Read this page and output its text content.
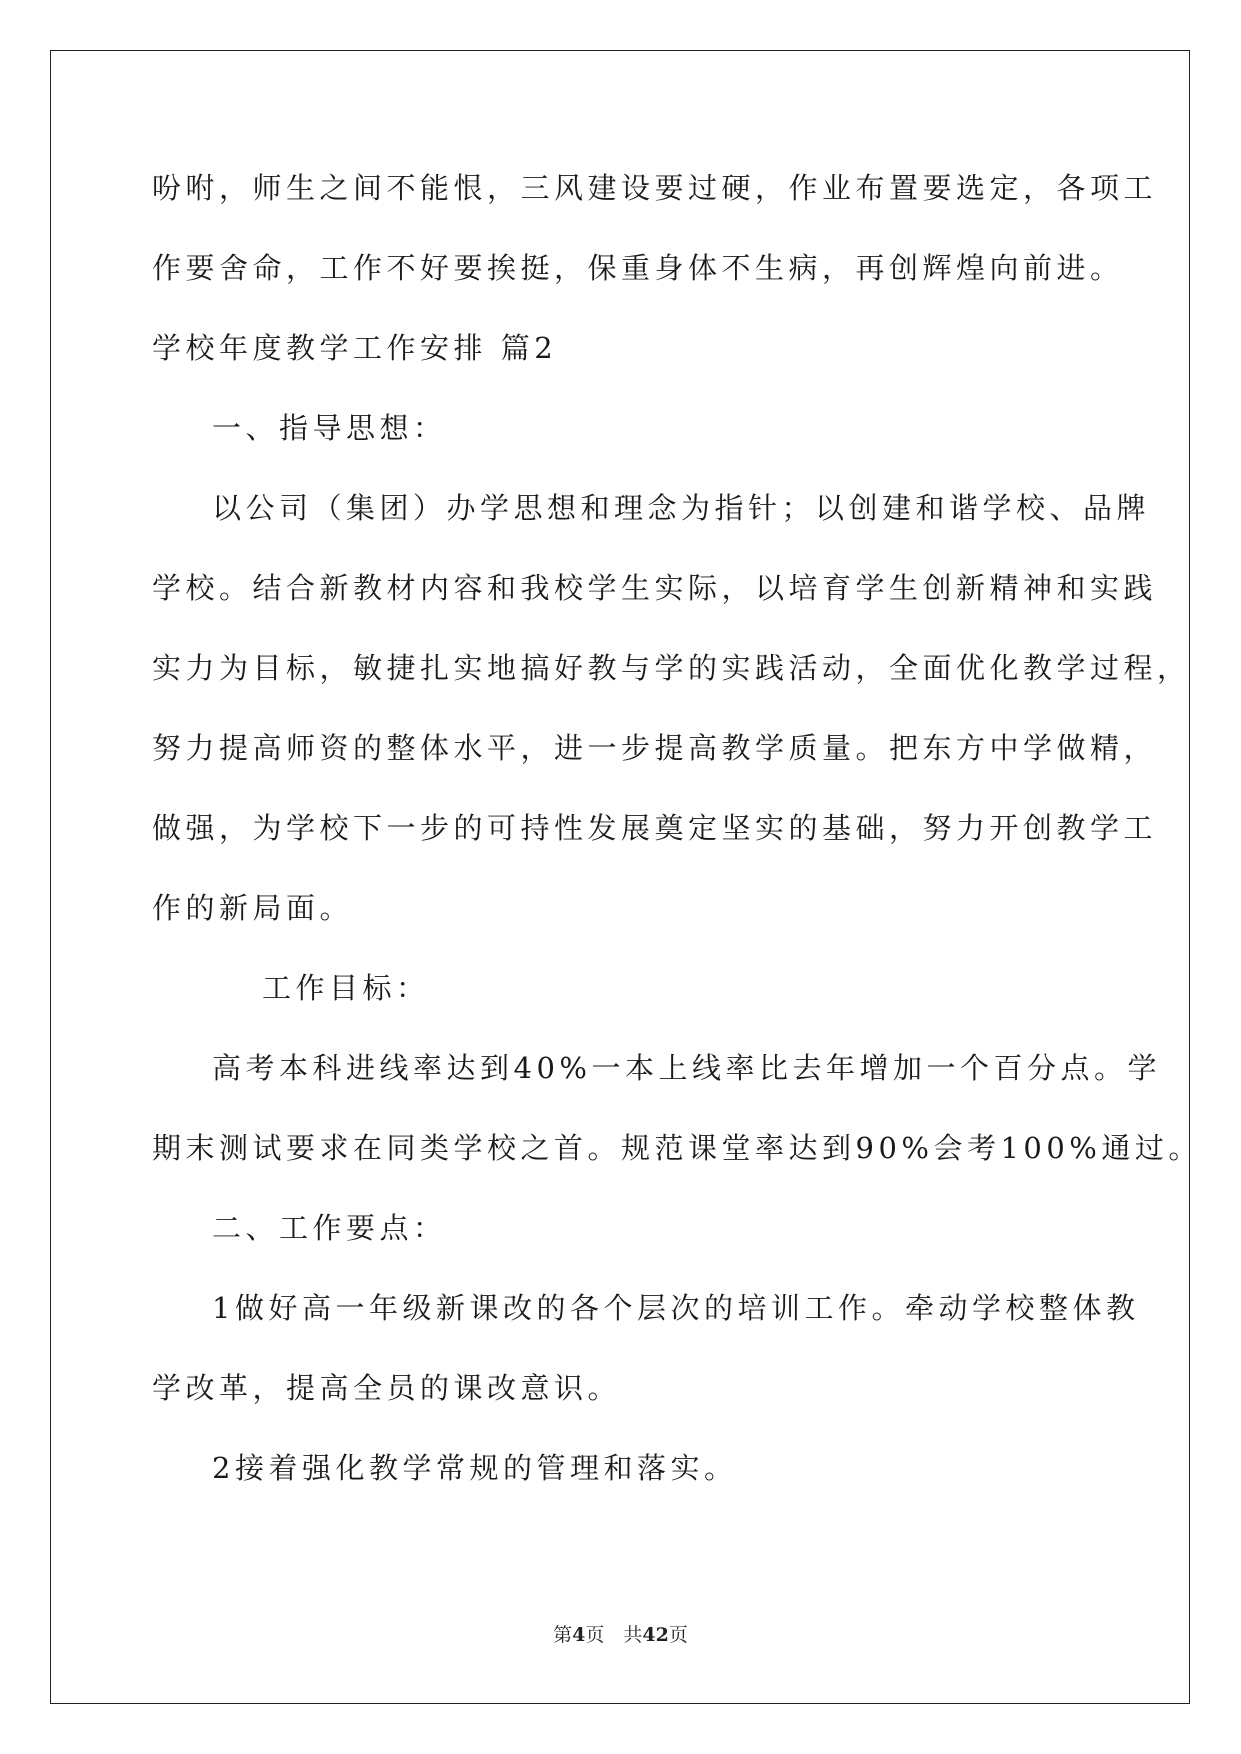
吩咐，师生之间不能恨，三风建设要过硬，作业布置要选定，各项工
作要舍命，工作不好要挨挺，保重身体不生病，再创辉煌向前进。
学校年度教学工作安排 篇2
一、指导思想：
以公司（集团）办学思想和理念为指针；以创建和谐学校、品牌
学校。结合新教材内容和我校学生实际，以培育学生创新精神和实践
实力为目标，敏捷扎实地搞好教与学的实践活动，全面优化教学过程，
努力提高师资的整体水平，进一步提高教学质量。把东方中学做精，
做强，为学校下一步的可持性发展奠定坚实的基础，努力开创教学工
作的新局面。
工作目标：
高考本科进线率达到40%一本上线率比去年增加一个百分点。学
期末测试要求在同类学校之首。规范课堂率达到90%会考100%通过。
二、工作要点：
1做好高一年级新课改的各个层次的培训工作。牵动学校整体教
学改革，提高全员的课改意识。
2接着强化教学常规的管理和落实。
第4页　共42页
